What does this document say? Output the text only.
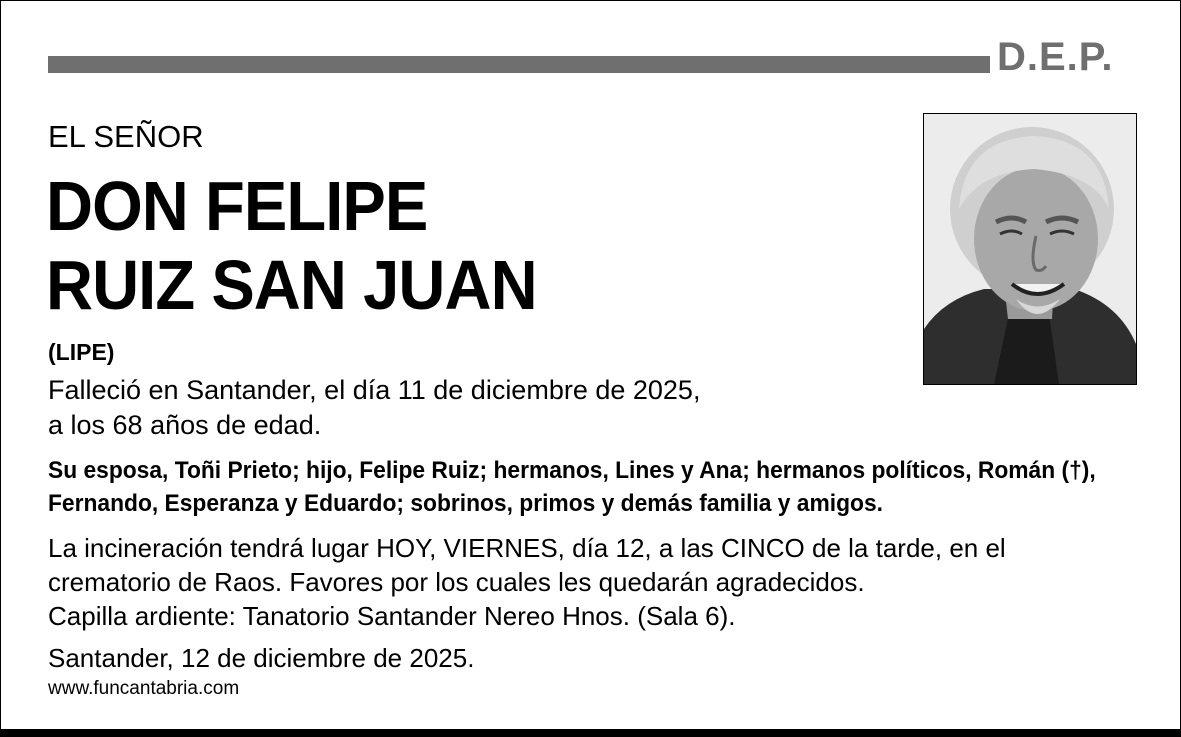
D.E.P.
EL SEÑOR
DON FELIPE
RUIZ SAN JUAN
(LIPE)
Falleció en Santander, el día 11 de diciembre de 2025,
a los 68 años de edad.
Su esposa, Toñi Prieto; hijo, Felipe Ruiz; hermanos, Lines y Ana; hermanos políticos, Román (†), Fernando, Esperanza y Eduardo; sobrinos, primos y demás familia y amigos.
La incineración tendrá lugar HOY, VIERNES, día 12, a las CINCO de la tarde, en el
crematorio de Raos. Favores por los cuales les quedarán agradecidos.
Capilla ardiente: Tanatorio Santander Nereo Hnos. (Sala 6).
Santander, 12 de diciembre de 2025.
www.funcantabria.com
